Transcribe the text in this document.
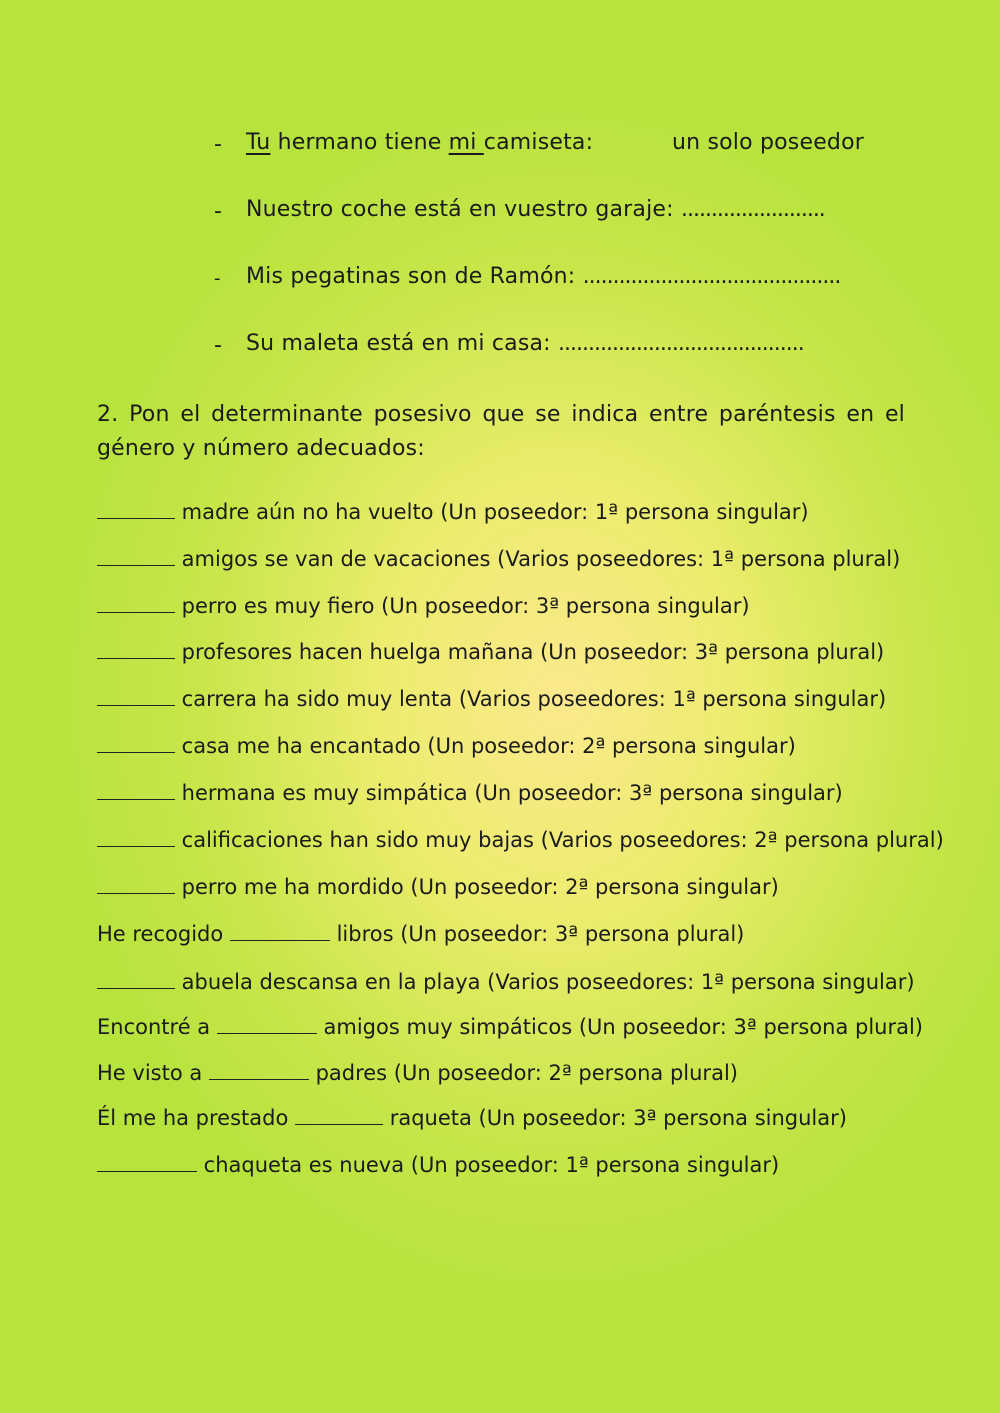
- Tu hermano tiene mi camiseta:	un solo poseedor
- Nuestro coche está en vuestro garaje: ........................
- Mis pegatinas son de Ramón: ...........................................
- Su maleta está en mi casa: .........................................
2. Pon el determinante posesivo que se indica entre paréntesis en el género y número adecuados:
madre aún no ha vuelto (Un poseedor: 1ª persona singular)
amigos se van de vacaciones (Varios poseedores: 1ª persona plural)
perro es muy fiero (Un poseedor: 3ª persona singular)
profesores hacen huelga mañana (Un poseedor: 3ª persona plural)
carrera ha sido muy lenta (Varios poseedores: 1ª persona singular)
casa me ha encantado (Un poseedor: 2ª persona singular)
hermana es muy simpática (Un poseedor: 3ª persona singular)
calificaciones han sido muy bajas (Varios poseedores: 2ª persona plural)
perro me ha mordido (Un poseedor: 2ª persona singular)
He recogido	libros (Un poseedor: 3ª persona plural)
abuela descansa en la playa (Varios poseedores: 1ª persona singular)
Encontré a	amigos muy simpáticos (Un poseedor: 3ª persona plural)
He visto a	padres (Un poseedor: 2ª persona plural)
Él me ha prestado	raqueta (Un poseedor: 3ª persona singular)
chaqueta es nueva (Un poseedor: 1ª persona singular)
